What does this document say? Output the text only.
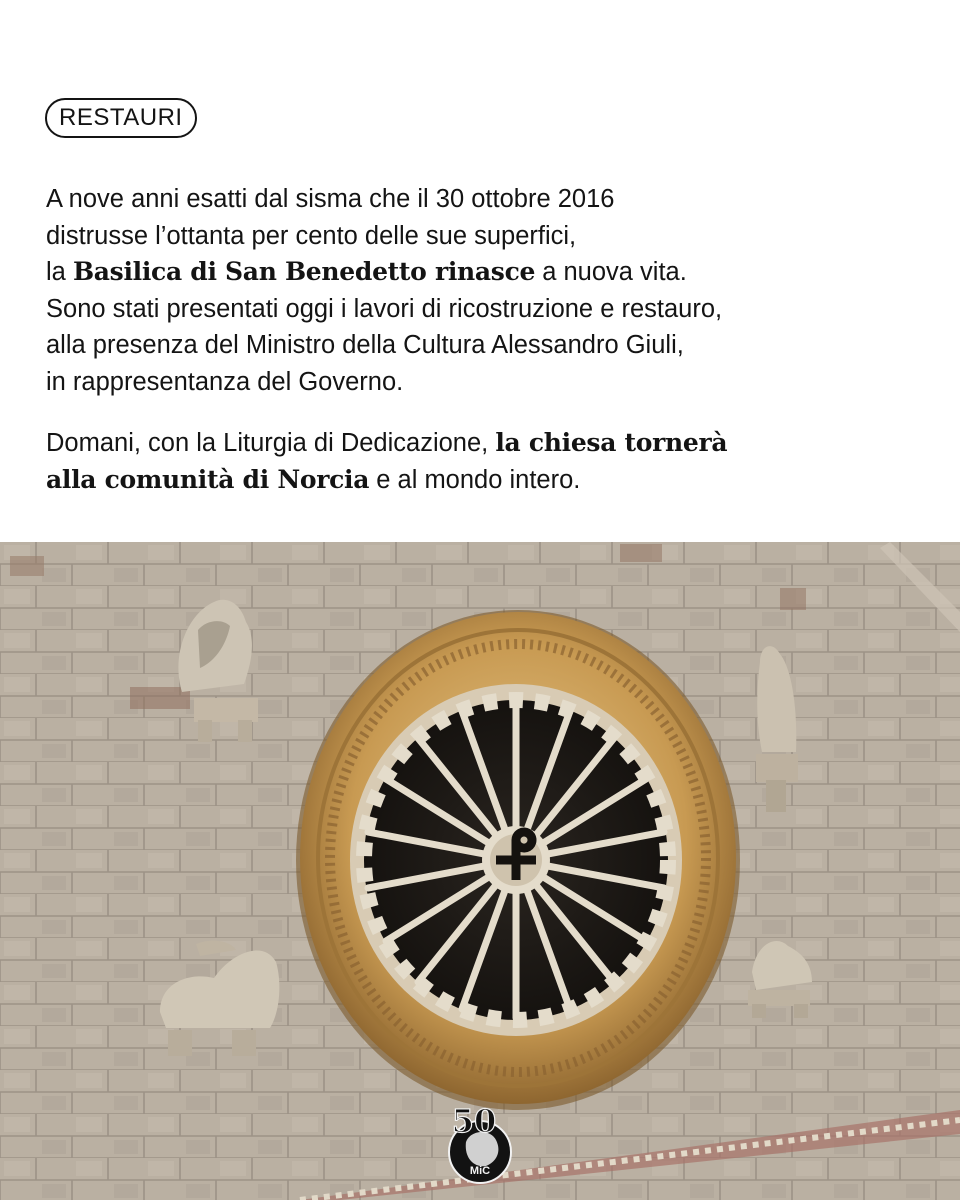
RESTAURI

A nove anni esatti dal sisma che il 30 ottobre 2016
distrusse l’ottanta per cento delle sue superfici,
la Basilica di San Benedetto rinasce a nuova vita.
Sono stati presentati oggi i lavori di ricostruzione e restauro,
alla presenza del Ministro della Cultura Alessandro Giuli,
in rappresentanza del Governo.

Domani, con la Liturgia di Dedicazione, la chiesa tornerà
alla comunità di Norcia e al mondo intero.

50
MiC
